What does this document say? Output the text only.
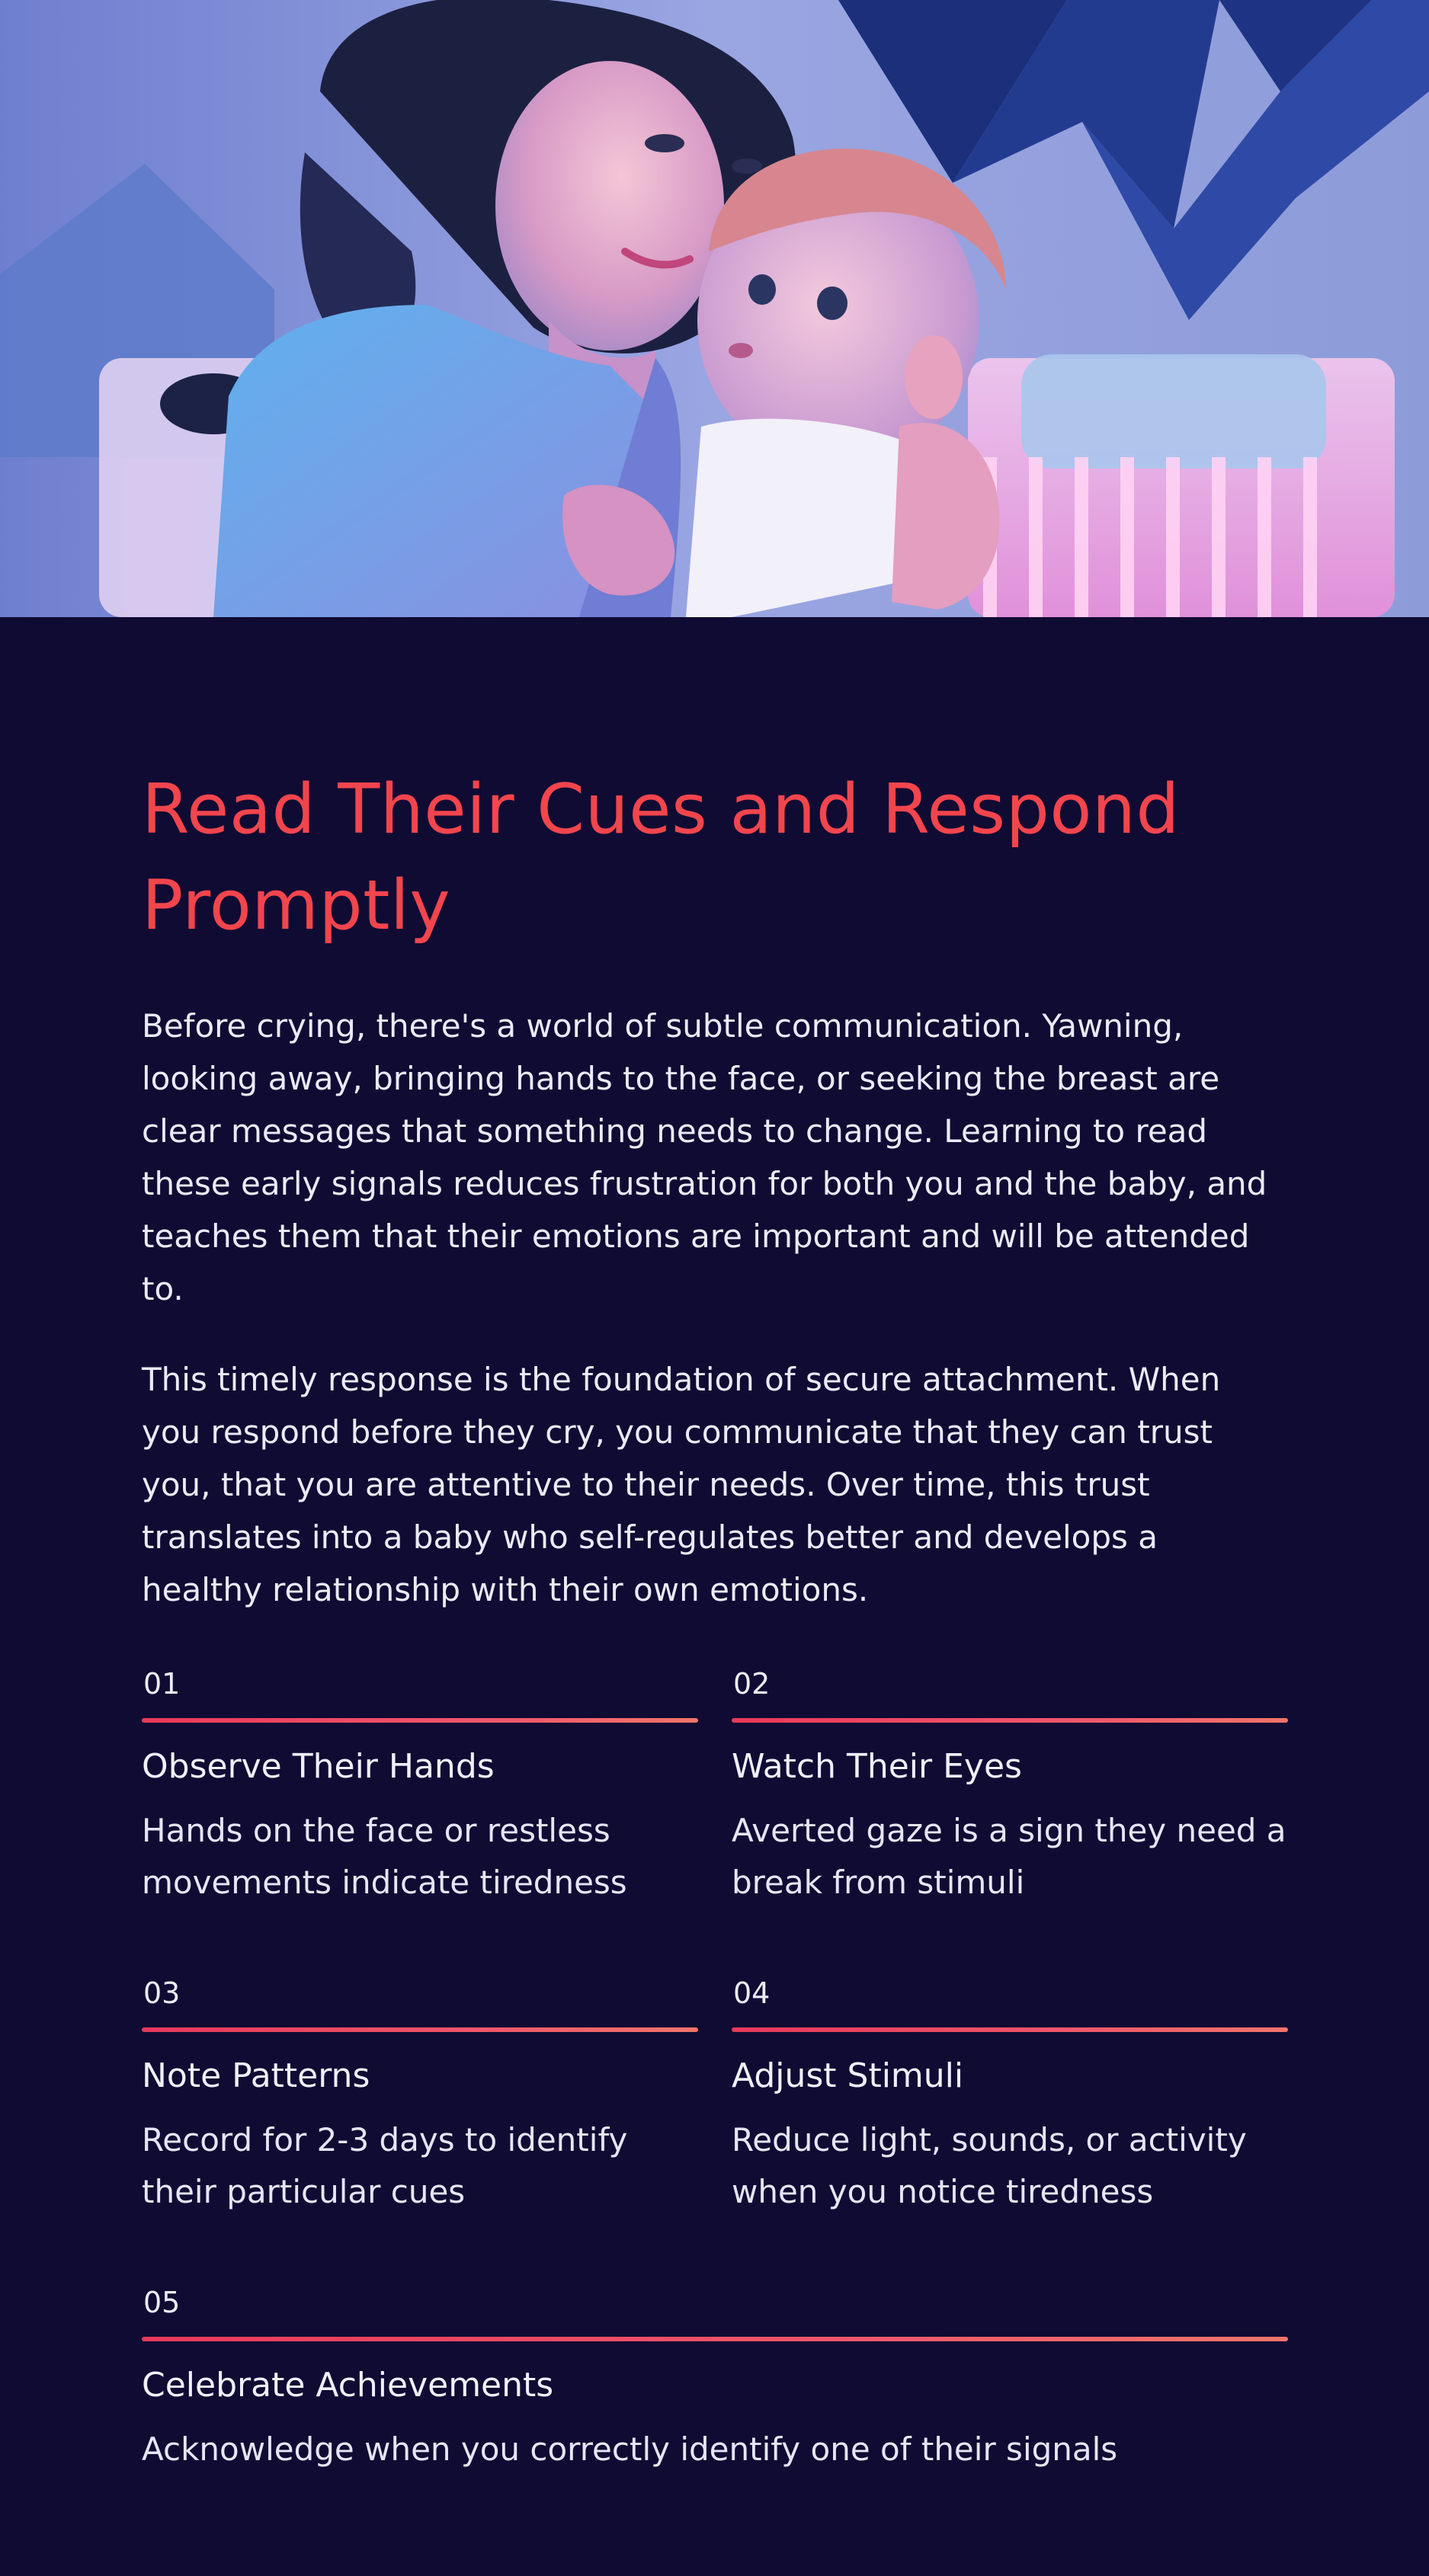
Read Their Cues and Respond Promptly

Before crying, there's a world of subtle communication. Yawning, looking away, bringing hands to the face, or seeking the breast are clear messages that something needs to change. Learning to read these early signals reduces frustration for both you and the baby, and teaches them that their emotions are important and will be attended to.

This timely response is the foundation of secure attachment. When you respond before they cry, you communicate that they can trust you, that you are attentive to their needs. Over time, this trust translates into a baby who self-regulates better and develops a healthy relationship with their own emotions.

01
Observe Their Hands

Hands on the face or restless movements indicate tiredness

02
Watch Their Eyes

Averted gaze is a sign they need a break from stimuli

03
Note Patterns

Record for 2-3 days to identify their particular cues

04
Adjust Stimuli

Reduce light, sounds, or activity when you notice tiredness

05
Celebrate Achievements

Acknowledge when you correctly identify one of their signals
